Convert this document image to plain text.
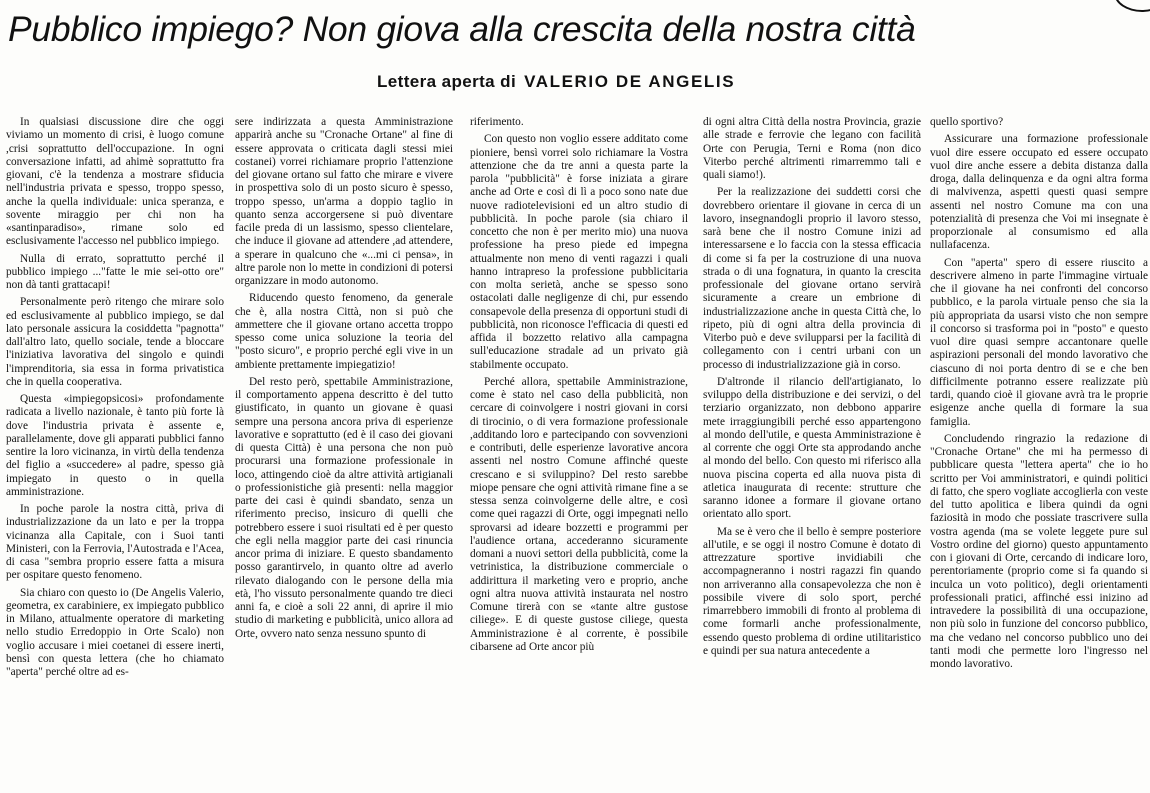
Pubblico impiego? Non giova alla crescita della nostra città
Lettera aperta di VALERIO DE ANGELIS

In qualsiasi discussione dire che oggi viviamo un momento di crisi, è luogo comune ,crisi soprattutto dell'occupazione. In ogni conversazione infatti, ad ahimè soprattutto fra giovani, c'è la tendenza a mostrare sfiducia nell'industria privata e spesso, troppo spesso, anche la quella individuale: unica speranza, e sovente miraggio per chi non ha «santinparadiso», rimane solo ed esclusivamente l'accesso nel pubblico impiego.

Nulla di errato, soprattutto perché il pubblico impiego ..."fatte le mie sei-otto ore" non dà tanti grattacapi!

Personalmente però ritengo che mirare solo ed esclusivamente al pubblico impiego, se dal lato personale assicura la cosiddetta "pagnotta" dall'altro lato, quello sociale, tende a bloccare l'iniziativa lavorativa del singolo e quindi l'imprenditoria, sia essa in forma privatistica che in quella cooperativa.

Questa «impiegopsicosi» profondamente radicata a livello nazionale, è tanto più forte là dove l'industria privata è assente e, parallelamente, dove gli apparati pubblici fanno sentire la loro vicinanza, in virtù della tendenza del figlio a «succedere» al padre, spesso già impiegato in questo o in quella amministrazione.

In poche parole la nostra città, priva di industrializzazione da un lato e per la troppa vicinanza alla Capitale, con i Suoi tanti Ministeri, con la Ferrovia, l'Autostrada e l'Acea, di casa "sembra proprio essere fatta a misura per ospitare questo fenomeno.

Sia chiaro con questo io (De Angelis Valerio, geometra, ex carabiniere, ex impiegato pubblico in Milano, attualmente operatore di marketing nello studio Erredoppio in Orte Scalo) non voglio accusare i miei coetanei di essere inerti, bensì con questa lettera (che ho chiamato "aperta" perché oltre ad es-

sere indirizzata a questa Amministrazione apparirà anche su "Cronache Ortane" al fine di essere approvata o criticata dagli stessi miei costanei) vorrei richiamare proprio l'attenzione del giovane ortano sul fatto che mirare e vivere in prospettiva solo di un posto sicuro è spesso, troppo spesso, un'arma a doppio taglio in quanto senza accorgersene si può diventare facile preda di un lassismo, spesso clientelare, che induce il giovane ad attendere ,ad attendere, a sperare in qualcuno che «...mi ci pensa», in altre parole non lo mette in condizioni di potersi organizzare in modo autonomo.

Riducendo questo fenomeno, da generale che è, alla nostra Città, non si può che ammettere che il giovane ortano accetta troppo spesso come unica soluzione la teoria del "posto sicuro", e proprio perché egli vive in un ambiente prettamente impiegatizio!

Del resto però, spettabile Amministrazione, il comportamento appena descritto è del tutto giustificato, in quanto un giovane è quasi sempre una persona ancora priva di esperienze lavorative e soprattutto (ed è il caso dei giovani di questa Città) è una persona che non può procurarsi una formazione professionale in loco, attingendo cioè da altre attività artigianali o professionistiche già presenti: nella maggior parte dei casi è quindi sbandato, senza un riferimento preciso, insicuro di quelli che potrebbero essere i suoi risultati ed è per questo che egli nella maggior parte dei casi rinuncia ancor prima di iniziare. E questo sbandamento posso garantirvelo, in quanto oltre ad averlo rilevato dialogando con le persone della mia età, l'ho vissuto personalmente quando tre dieci anni fa, e cioè a soli 22 anni, di aprire il mio studio di marketing e pubblicità, unico allora ad Orte, ovvero nato senza nessuno spunto di

riferimento.

Con questo non voglio essere additato come pioniere, bensì vorrei solo richiamare la Vostra attenzione che da tre anni a questa parte la parola "pubblicità" è forse iniziata a girare anche ad Orte e così di lì a poco sono nate due nuove radiotelevisioni ed un altro studio di pubblicità. In poche parole (sia chiaro il concetto che non è per merito mio) una nuova professione ha preso piede ed impegna attualmente non meno di venti ragazzi i quali hanno intrapreso la professione pubblicitaria con molta serietà, anche se spesso sono ostacolati dalle negligenze di chi, pur essendo consapevole della presenza di opportuni studi di pubblicità, non riconosce l'efficacia di questi ed affida il bozzetto relativo alla campagna sull'educazione stradale ad un privato già stabilmente occupato.

Perché allora, spettabile Amministrazione, come è stato nel caso della pubblicità, non cercare di coinvolgere i nostri giovani in corsi di tirocinio, o di vera formazione professionale ,additando loro e partecipando con sovvenzioni e contributi, delle esperienze lavorative ancora assenti nel nostro Comune affinché queste crescano e si sviluppino? Del resto sarebbe miope pensare che ogni attività rimane fine a se stessa senza coinvolgerne delle altre, e così come quei ragazzi di Orte, oggi impegnati nello sprovarsi ad ideare bozzetti e programmi per l'audience ortana, accederanno sicuramente domani a nuovi settori della pubblicità, come la vetrinistica, la distribuzione commerciale o addirittura il marketing vero e proprio, anche ogni altra nuova attività instaurata nel nostro Comune tirerà con se «tante altre gustose ciliege». E di queste gustose ciliege, questa Amministrazione è al corrente, è possibile cibarsene ad Orte ancor più

di ogni altra Città della nostra Provincia, grazie alle strade e ferrovie che legano con facilità Orte con Perugia, Terni e Roma (non dico Viterbo perché altrimenti rimarremmo tali e quali siamo!).

Per la realizzazione dei suddetti corsi che dovrebbero orientare il giovane in cerca di un lavoro, insegnandogli proprio il lavoro stesso, sarà bene che il nostro Comune inizi ad interessarsene e lo faccia con la stessa efficacia di come si fa per la costruzione di una nuova strada o di una fognatura, in quanto la crescita professionale del giovane ortano servirà sicuramente a creare un embrione di industrializzazione anche in questa Città che, lo ripeto, più di ogni altra della provincia di Viterbo può e deve svilupparsi per la facilità di collegamento con i centri urbani con un processo di industrializzazione già in corso.

D'altronde il rilancio dell'artigianato, lo sviluppo della distribuzione e dei servizi, o del terziario organizzato, non debbono apparire mete irraggiungibili perché esso appartengono al mondo dell'utile, e questa Amministrazione è al corrente che oggi Orte sta approdando anche al mondo del bello. Con questo mi riferisco alla nuova piscina coperta ed alla nuova pista di atletica inaugurata di recente: strutture che saranno idonee a formare il giovane ortano orientato allo sport.

Ma se è vero che il bello è sempre posteriore all'utile, e se oggi il nostro Comune è dotato di attrezzature sportive invidiabili che accompagneranno i nostri ragazzi fin quando non arriveranno alla consapevolezza che non è possibile vivere di solo sport, perché rimarrebbero immobili di fronto al problema di come formarli anche professionalmente, essendo questo problema di ordine utilitaristico e quindi per sua natura antecedente a

quello sportivo?

Assicurare una formazione professionale vuol dire essere occupato ed essere occupato vuol dire anche essere a debita distanza dalla droga, dalla delinquenza e da ogni altra forma di malvivenza, aspetti questi quasi sempre assenti nel nostro Comune ma con una potenzialità di presenza che Voi mi insegnate è proporzionale al consumismo ed alla nullafacenza.

Con "aperta" spero di essere riuscito a descrivere almeno in parte l'immagine virtuale che il giovane ha nei confronti del concorso pubblico, e la parola virtuale penso che sia la più appropriata da usarsi visto che non sempre il concorso si trasforma poi in "posto" e questo vuol dire quasi sempre accantonare quelle aspirazioni personali del mondo lavorativo che ciascuno di noi porta dentro di se e che ben difficilmente potranno essere realizzate più tardi, quando cioè il giovane avrà tra le proprie esigenze anche quella di formare la sua famiglia.

Concludendo ringrazio la redazione di "Cronache Ortane" che mi ha permesso di pubblicare questa "lettera aperta" che io ho scritto per Voi amministratori, e quindi politici di fatto, che spero vogliate accoglierla con veste del tutto apolitica e libera quindi da ogni faziosità in modo che possiate trascrivere sulla vostra agenda (ma se volete leggete pure sul Vostro ordine del giorno) questo appuntamento con i giovani di Orte, cercando di indicare loro, perentoriamente (proprio come si fa quando si inculca un voto politico), degli orientamenti professionali pratici, affinché essi inizino ad intravedere la possibilità di una occupazione, non più solo in funzione del concorso pubblico, ma che vedano nel concorso pubblico uno dei tanti modi che permette loro l'ingresso nel mondo lavorativo.
